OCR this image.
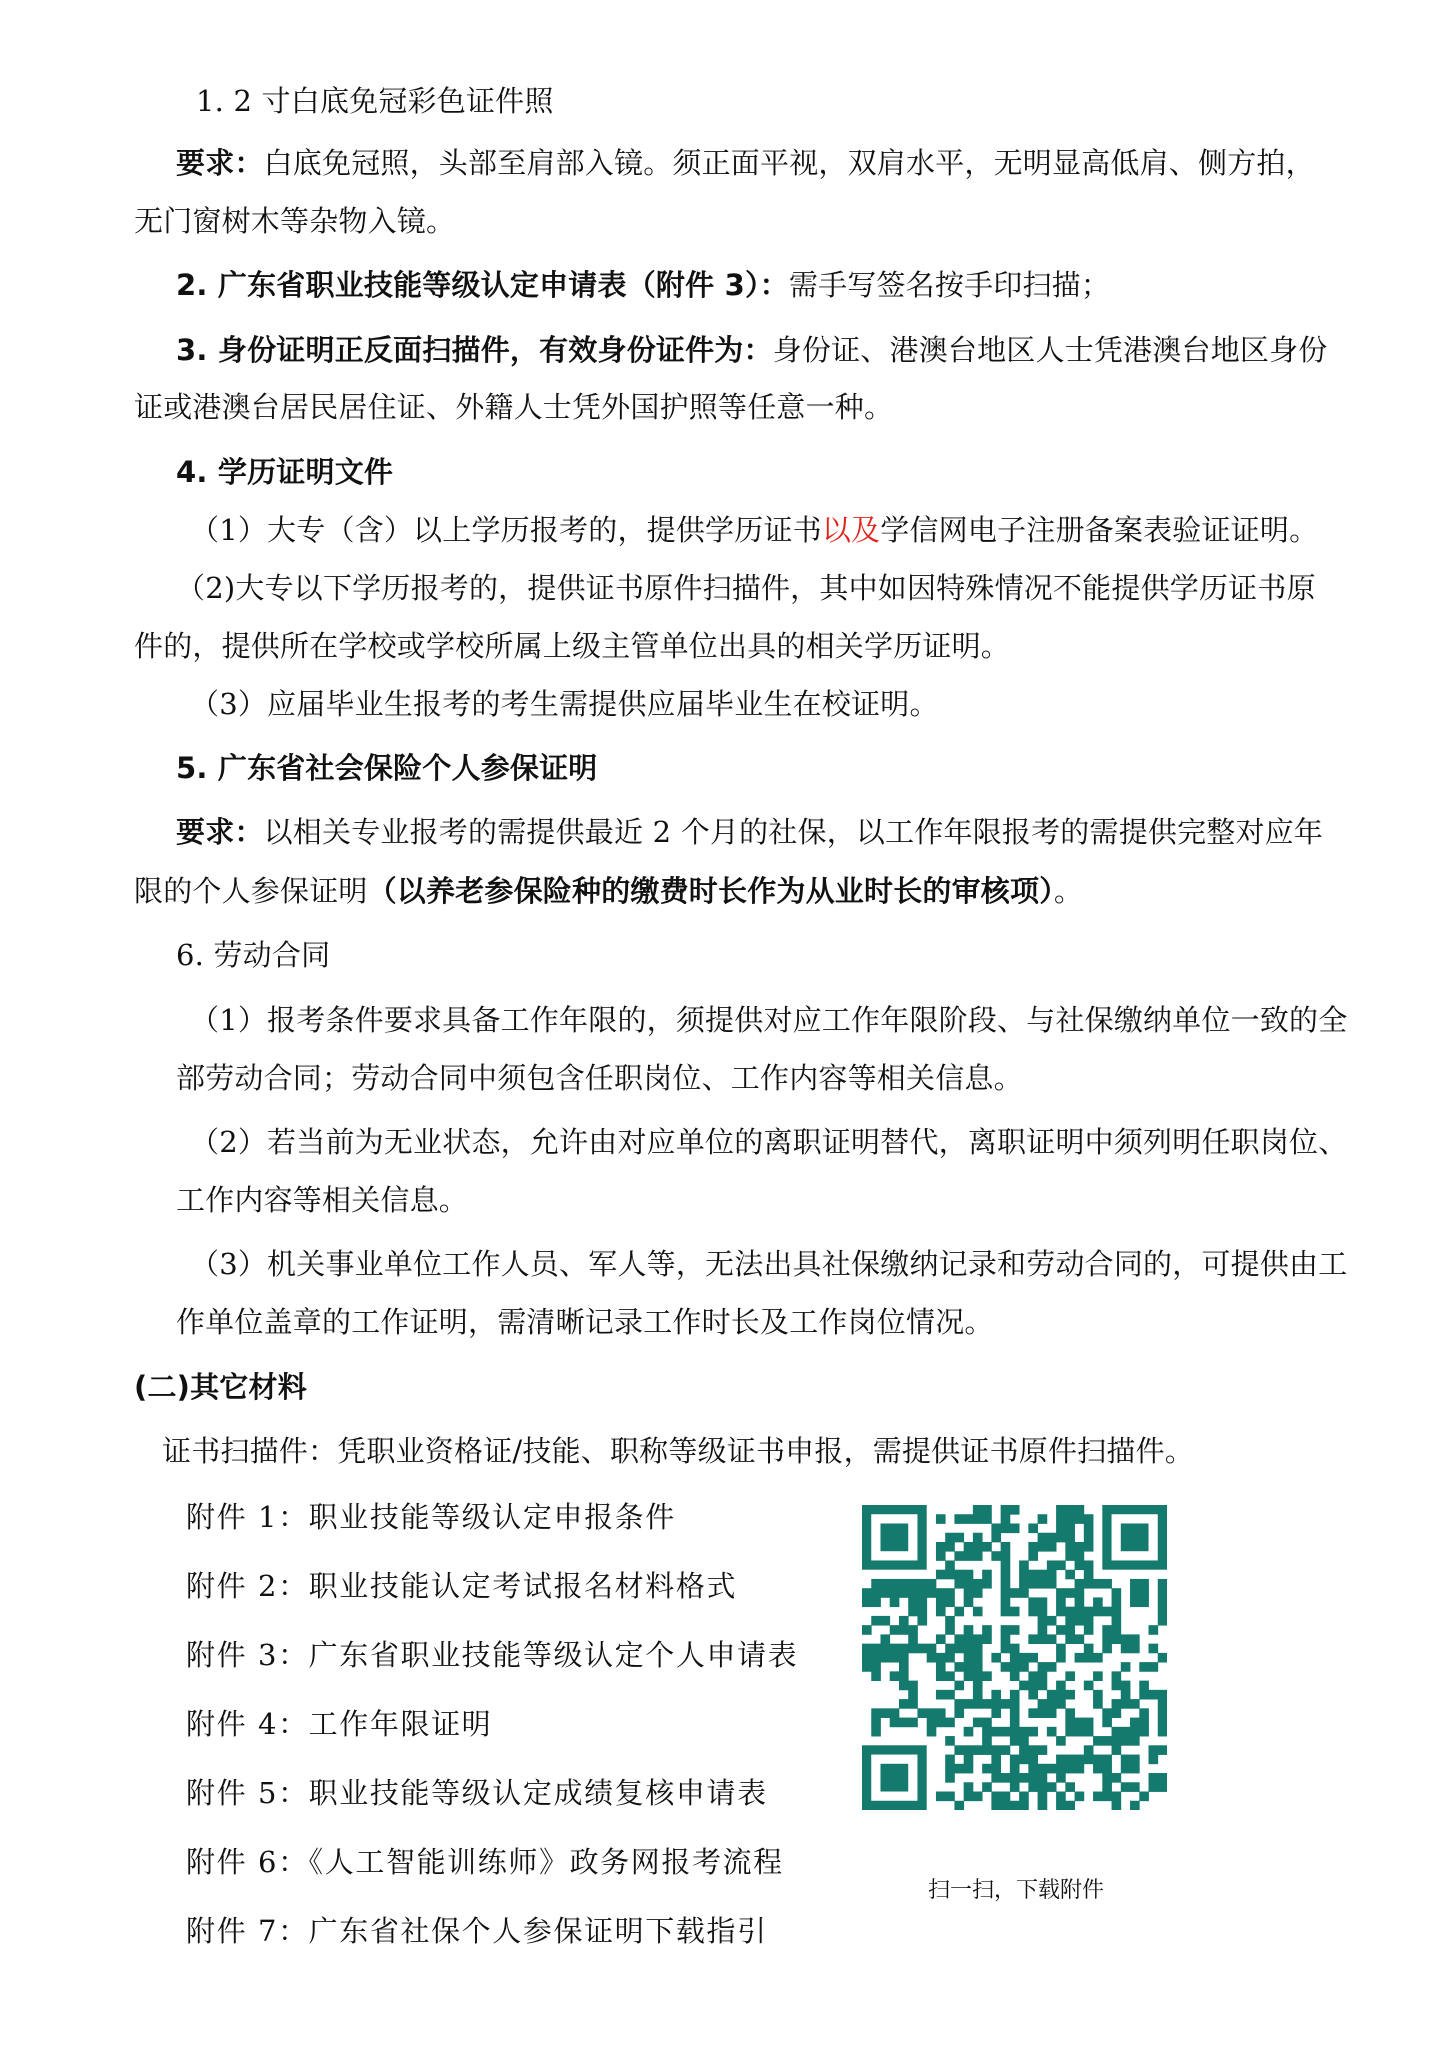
1. 2 寸白底免冠彩色证件照
要求：白底免冠照，头部至肩部入镜。须正面平视，双肩水平，无明显高低肩、侧方拍，
无门窗树木等杂物入镜。
2. 广东省职业技能等级认定申请表（附件 3）：需手写签名按手印扫描；
3. 身份证明正反面扫描件，有效身份证件为：身份证、港澳台地区人士凭港澳台地区身份
证或港澳台居民居住证、外籍人士凭外国护照等任意一种。
4. 学历证明文件
（1）大专（含）以上学历报考的，提供学历证书以及学信网电子注册备案表验证证明。
（2)大专以下学历报考的，提供证书原件扫描件，其中如因特殊情况不能提供学历证书原
件的，提供所在学校或学校所属上级主管单位出具的相关学历证明。
（3）应届毕业生报考的考生需提供应届毕业生在校证明。
5. 广东省社会保险个人参保证明
要求：以相关专业报考的需提供最近 2 个月的社保，以工作年限报考的需提供完整对应年
限的个人参保证明（以养老参保险种的缴费时长作为从业时长的审核项）。
6. 劳动合同
（1）报考条件要求具备工作年限的，须提供对应工作年限阶段、与社保缴纳单位一致的全
部劳动合同；劳动合同中须包含任职岗位、工作内容等相关信息。
（2）若当前为无业状态，允许由对应单位的离职证明替代，离职证明中须列明任职岗位、
工作内容等相关信息。
（3）机关事业单位工作人员、军人等，无法出具社保缴纳记录和劳动合同的，可提供由工
作单位盖章的工作证明，需清晰记录工作时长及工作岗位情况。
(二)其它材料
证书扫描件：凭职业资格证/技能、职称等级证书申报，需提供证书原件扫描件。
附件 1：职业技能等级认定申报条件
附件 2：职业技能认定考试报名材料格式
附件 3：广东省职业技能等级认定个人申请表
附件 4：工作年限证明
附件 5：职业技能等级认定成绩复核申请表
附件 6：《人工智能训练师》政务网报考流程
附件 7：广东省社保个人参保证明下载指引
扫一扫，下载附件
